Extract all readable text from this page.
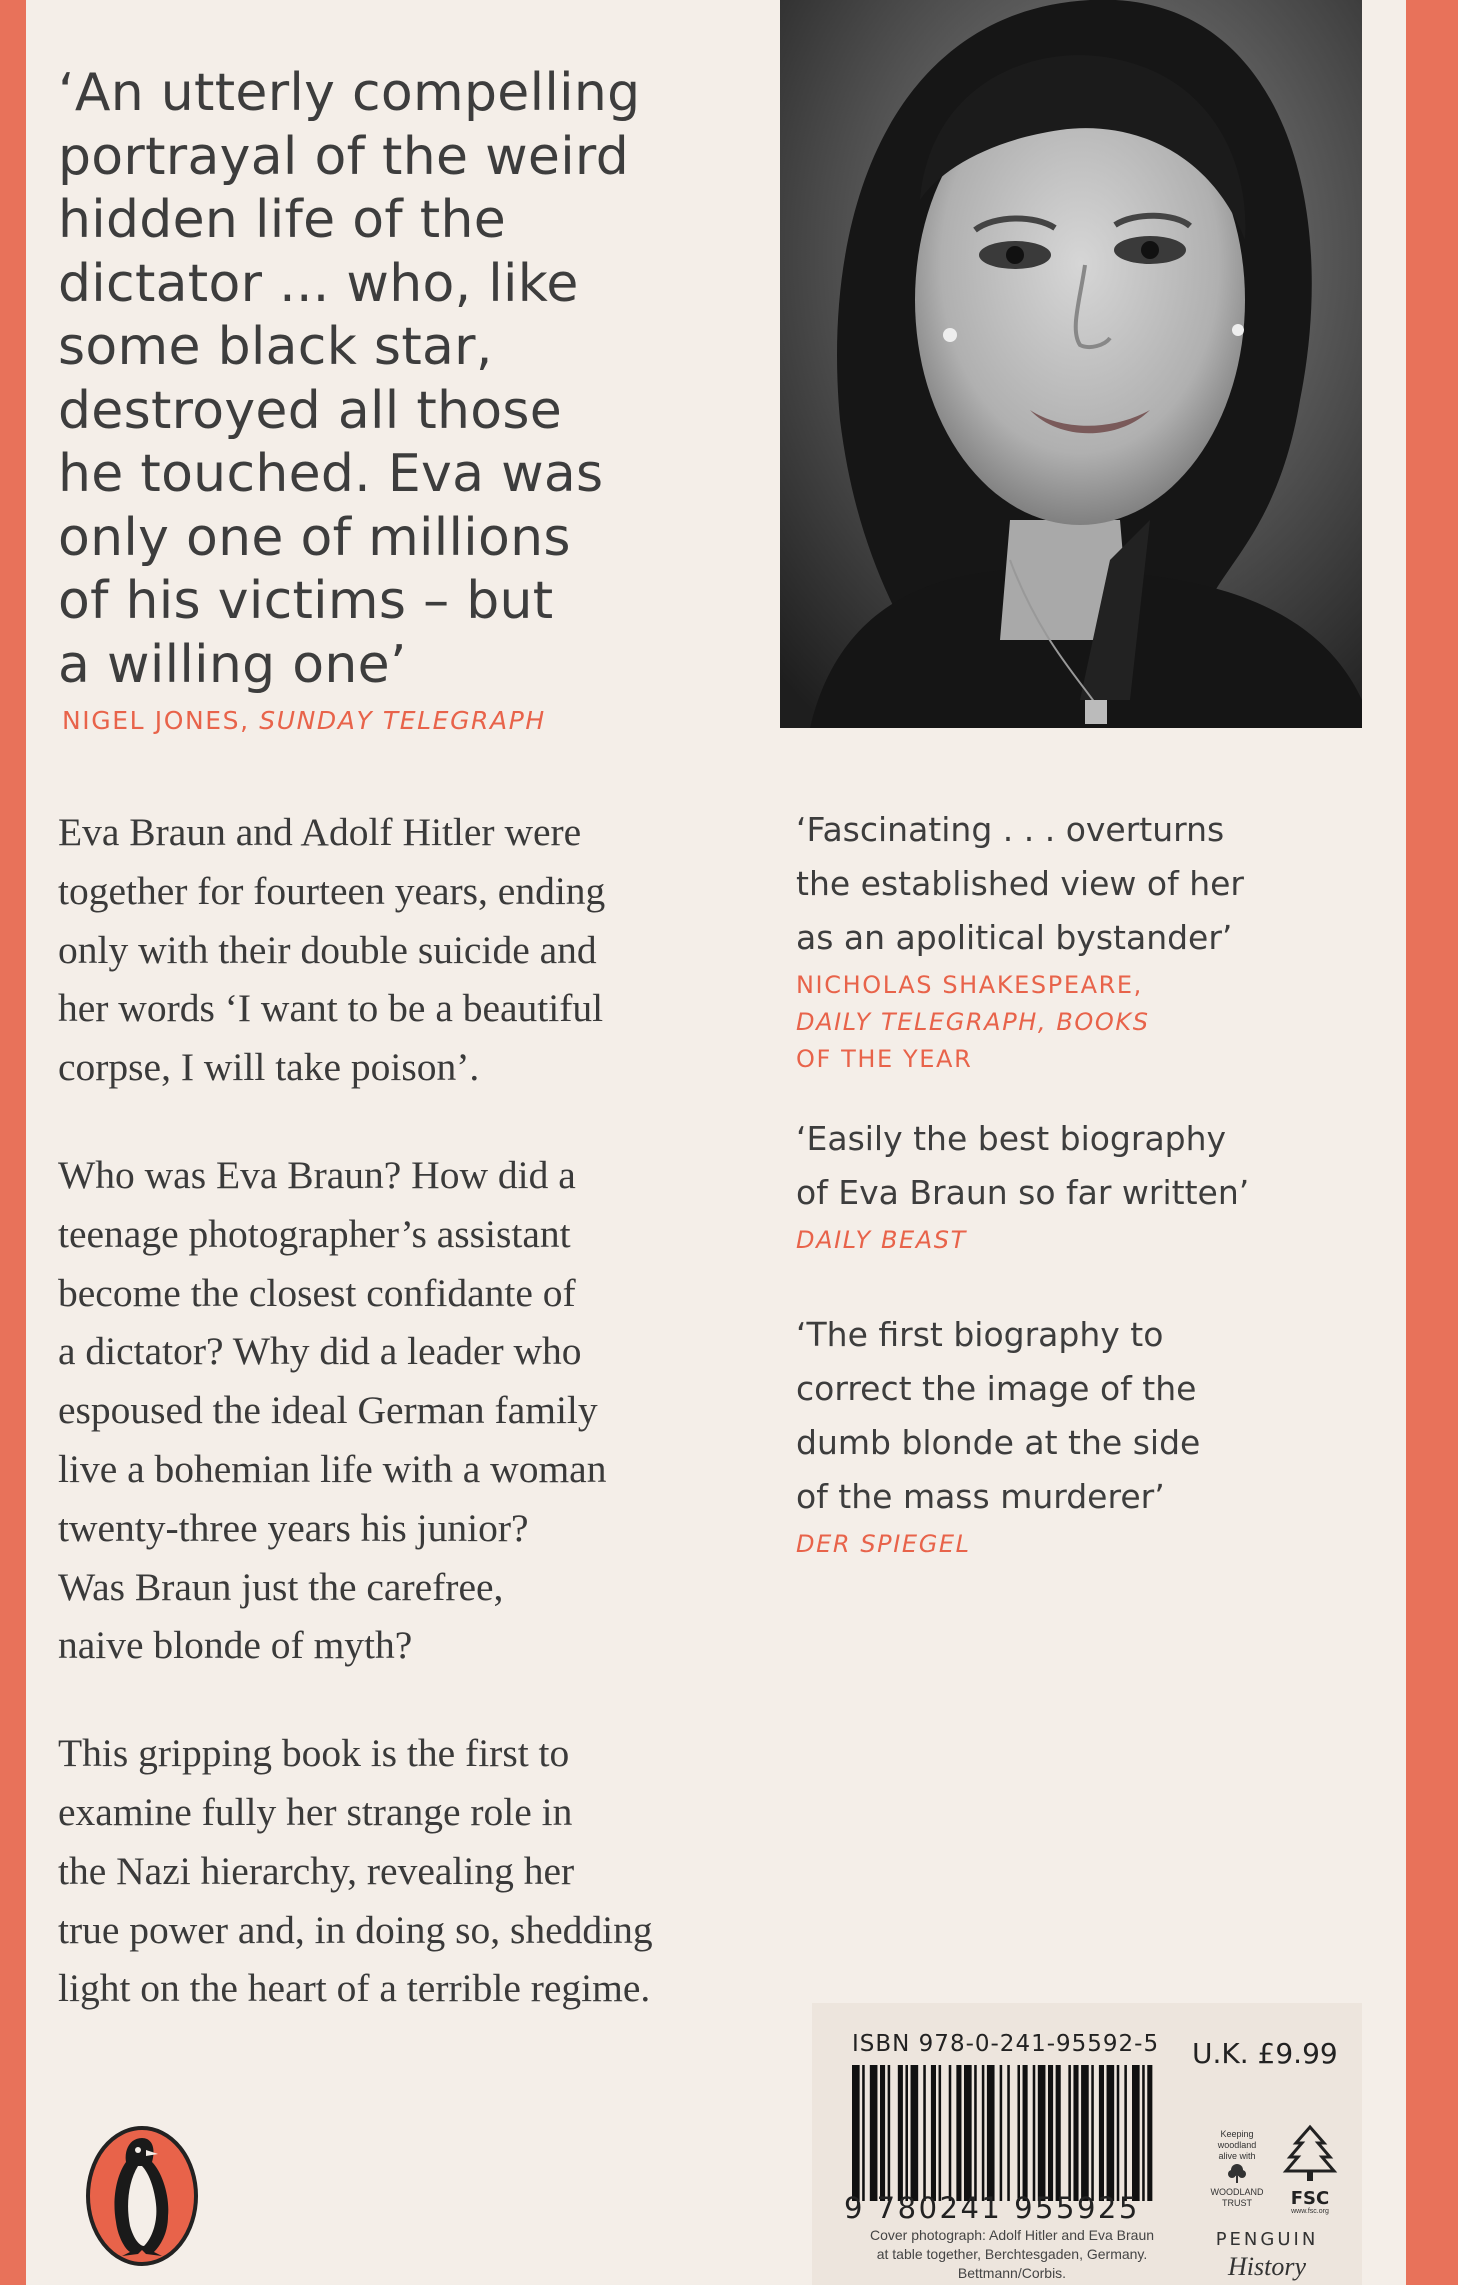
‘An utterly compelling
portrayal of the weird
hidden life of the
dictator ... who, like
some black star,
destroyed all those
he touched. Eva was
only one of millions
of his victims – but
a willing one’
NIGEL JONES, SUNDAY TELEGRAPH
Eva Braun and Adolf Hitler were
together for fourteen years, ending
only with their double suicide and
her words ‘I want to be a beautiful
corpse, I will take poison’.
Who was Eva Braun? How did a
teenage photographer’s assistant
become the closest confidante of
a dictator? Why did a leader who
espoused the ideal German family
live a bohemian life with a woman
twenty-three years his junior?
Was Braun just the carefree,
naive blonde of myth?
This gripping book is the first to
examine fully her strange role in
the Nazi hierarchy, revealing her
true power and, in doing so, shedding
light on the heart of a terrible regime.
‘Fascinating . . . overturns
the established view of her
as an apolitical bystander’
NICHOLAS SHAKESPEARE,
DAILY TELEGRAPH, BOOKS
OF THE YEAR
‘Easily the best biography
of Eva Braun so far written’
DAILY BEAST
‘The first biography to
correct the image of the
dumb blonde at the side
of the mass murderer’
DER SPIEGEL
ISBN 978-0-241-95592-5 U.K. £9.99
9 780241 955925
Cover photograph: Adolf Hitler and Eva Braun
at table together, Berchtesgaden, Germany.
Bettmann/Corbis.
Keeping
woodland
alive with
WOODLAND
TRUST	FSC
www.fsc.org
PENGUIN
History
